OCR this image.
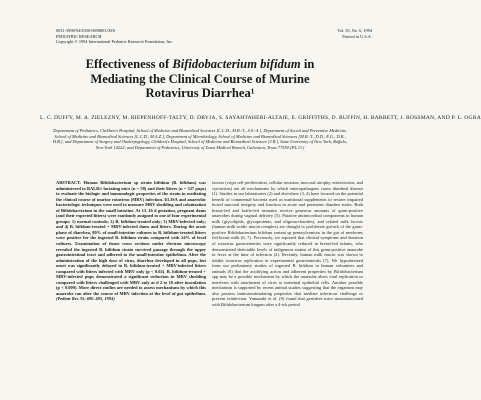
0031-3998/94/3506-0690$03.00/0
PEDIATRIC RESEARCH
Copyright © 1994 International Pediatric Research Foundation, Inc.
Vol. 35, No. 6, 1994
Printed in U.S.A.
Effectiveness of Bifidobacterium bifidum in
Mediating the Clinical Course of Murine
Rotavirus Diarrhea¹
L. C. DUFFY, M. A. ZIELEZNY, M. RIEPENHOFF-TALTY, D. DRYJA, S. SAYAHTAHERI-ALTAIE, E. GRIFFITHS, D. RUFFIN, H. BARRETT, J. ROSSMAN, AND P. L. OGRA
Department of Pediatrics, Children's Hospital, School of Medicine and Biomedical Sciences [L.C.D., M.R.-T., S.S.-A.], Department of Social and Preventive Medicine, School of Medicine and Biomedical Sciences [L.C.D., M.A.Z.], Department of Microbiology, School of Medicine and Biomedical Sciences [M.R.-T., D.D., E.G., D.R., H.B.], and Department of Surgery and Otolaryngology, Children's Hospital, School of Medicine and Biomedical Sciences [J.R.], State University of New York, Buffalo, New York 14222; and Department of Pediatrics, University of Texas Medical Branch, Galveston, Texas 77550 [P.L.O.]

ABSTRACT. Human Bifidobacterium sp strain bifidum (B. bifidum) was administered to BALB/c lactating mice (n = 58) and their litters (n = 327 pups) to evaluate the biologic and immunologic properties of the strain in mediating the clinical course of murine rotavirus (MRV) infection. ELISA and anaerobic bacteriologic techniques were used to measure MRV shedding and colonization of Bifidobacterium in the small intestine. At 13–16 d gestation, pregnant dams (and their expected litters) were randomly assigned to one of four experimental groups: 1) normal controls; 2) B. bifidum-treated only; 3) MRV-infected only; and 4) B. bifidum-treated + MRV-infected dams and litters. During the acute phase of diarrhea, 80% of small-intestine cultures in B. bifidum-treated litters were positive for the ingested B. bifidum strain compared with 24% of fecal cultures. Examination of tissue cross sections under electron microscopy revealed the ingested B. bifidum strain survived passage through the upper gastrointestinal tract and adhered to the small-intestine epithelium. After the administration of the high dose of virus, diarrhea developed in all pups, but onset was significantly delayed in B. bifidum-treated + MRV-infected litters compared with litters infected with MRV only (p < 0.02). B. bifidum-treated + MRV-infected pups demonstrated a significant reduction in MRV shedding compared with litters challenged with MRV only at d 2 to 10 after inoculation (p < 0.009). More direct studies are needed to assess mechanisms by which this anaerobe can alter the course of MRV infection at the level of gut epithelium. (Pediatr Res 35: 690–695, 1994)

factors (crypt cell proliferation, cellular invasion, mucosal atrophy, enterotoxins, and cytotoxins) are all mechanisms by which enteropathogens cause diarrheal disease (1). Studies in our laboratories (2) and elsewhere (3, 4) have focused on the potential benefit of commensal bacteria used as nutritional supplements to restore impaired bowel mucosal integrity and function in acute and persistent diarrhea states. Both breast-fed and bottle-fed neonates receive generous amounts of gram-positive anaerobes during vaginal delivery (5). Putative antimicrobial components in human milk (glycolipids, glycoproteins, and oligosaccharides), and related milk factors (human milk acidic mucin complex) are thought to proliferate growth of the gram-positive Bifidobacterium bifidum variant sp pennsylvanicus in the gut of newborns fed breast milk (6, 7). Previously, we reported that clinical symptoms and duration of rotavirus gastroenteritis were significantly reduced in breast-fed infants, who demonstrated detectable levels of indigenous strains of this gram-positive anaerobe in feces at the time of infection (2). Recently, human milk mucin was shown to inhibit rotavirus replication in experimental gastroenteritis (7). We hypothesized from our preliminary studies of ingested B. bifidum in human volunteers and animals (8) that the acidifying action and adherent properties by Bifidobacterium spp may be a possible mechanism by which the anaerobe alters viral replication or interferes with attachment of virus to intestinal epithelial cells. Another possible mechanism is supported by recent animal studies suggesting that the organism may also possess immunostimulating properties that mediate infectious challenge or prevent reinfection. Yamazaki et al. (9) found that germfree mice monoassociated with Bifidobacterium longum after a 4-wk period
